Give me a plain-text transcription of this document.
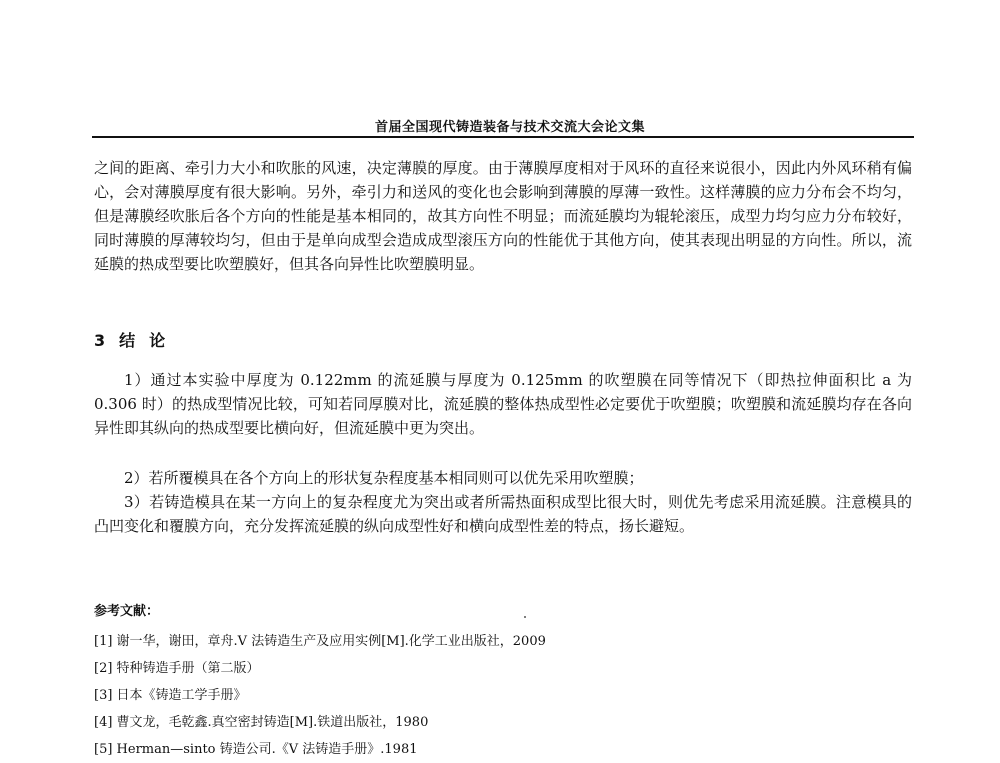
首届全国现代铸造装备与技术交流大会论文集

之间的距离、牵引力大小和吹胀的风速，决定薄膜的厚度。由于薄膜厚度相对于风环的直径来说很小，因此内外风环稍有偏心，会对薄膜厚度有很大影响。另外，牵引力和送风的变化也会影响到薄膜的厚薄一致性。这样薄膜的应力分布会不均匀，但是薄膜经吹胀后各个方向的性能是基本相同的，故其方向性不明显；而流延膜均为辊轮滚压，成型力均匀应力分布较好，同时薄膜的厚薄较均匀，但由于是单向成型会造成成型滚压方向的性能优于其他方向，使其表现出明显的方向性。所以，流延膜的热成型要比吹塑膜好，但其各向异性比吹塑膜明显。

3 结论

1）通过本实验中厚度为 0.122mm 的流延膜与厚度为 0.125mm 的吹塑膜在同等情况下（即热拉伸面积比 a 为 0.306 时）的热成型情况比较，可知若同厚膜对比，流延膜的整体热成型性必定要优于吹塑膜；吹塑膜和流延膜均存在各向异性即其纵向的热成型要比横向好，但流延膜中更为突出。

2）若所覆模具在各个方向上的形状复杂程度基本相同则可以优先采用吹塑膜；

3）若铸造模具在某一方向上的复杂程度尤为突出或者所需热面积成型比很大时，则优先考虑采用流延膜。注意模具的凸凹变化和覆膜方向，充分发挥流延膜的纵向成型性好和横向成型性差的特点，扬长避短。

参考文献：
[1] 谢一华，谢田，章舟.V 法铸造生产及应用实例[M].化学工业出版社，2009
[2] 特种铸造手册（第二版）
[3] 日本《铸造工学手册》
[4] 曹文龙，毛乾鑫.真空密封铸造[M].铁道出版社，1980
[5] Herman—sinto 铸造公司.《V 法铸造手册》.1981
